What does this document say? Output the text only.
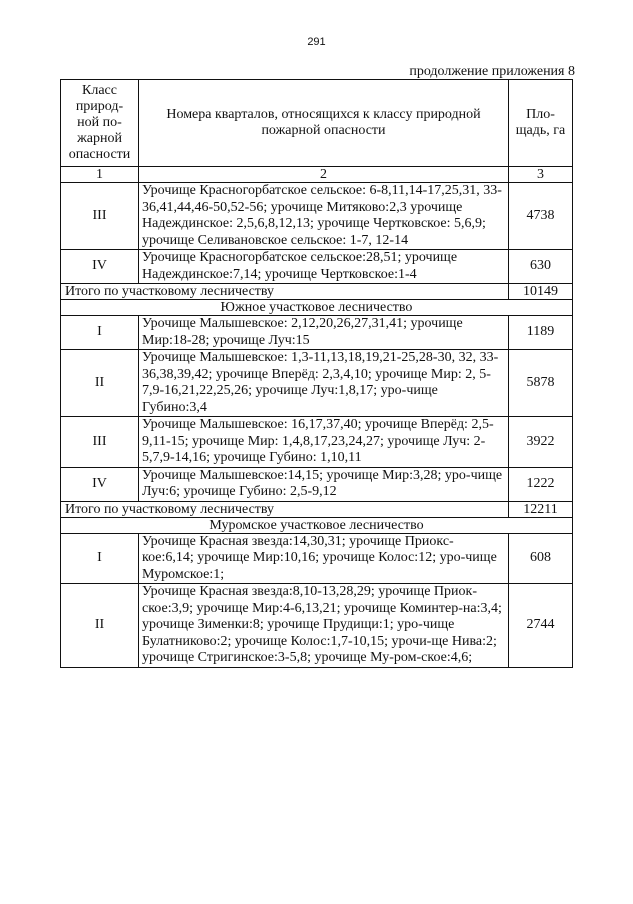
291
продолжение приложения 8
Класс природ-ной по-жарной опасности	Номера кварталов, относящихся к классу природной пожарной опасности	Пло-щадь, га
1	2	3
III	Урочище Красногорбатское сельское: 6-8,11,14-17,25,31, 33-36,41,44,46-50,52-56; урочище Митяково:2,3 урочище Надеждинское: 2,5,6,8,12,13; урочище Чертковское: 5,6,9; урочище Селивановское сельское: 1-7, 12-14	4738
IV	Урочище Красногорбатское сельское:28,51; урочище Надеждинское:7,14; урочище Чертковское:1-4	630
Итого по участковому лесничеству		10149
Южное участковое лесничество		
I	Урочище Малышевское: 2,12,20,26,27,31,41; урочище Мир:18-28; урочище Луч:15	1189
II	Урочище Малышевское: 1,3-11,13,18,19,21-25,28-30, 32, 33-36,38,39,42; урочище Вперёд: 2,3,4,10; урочище Мир: 2, 5-7,9-16,21,22,25,26; урочище Луч:1,8,17; уро-чище Губино:3,4	5878
III	Урочище Малышевское: 16,17,37,40; урочище Вперёд: 2,5-9,11-15; урочище Мир: 1,4,8,17,23,24,27; урочище Луч: 2-5,7,9-14,16; урочище Губино: 1,10,11	3922
IV	Урочище Малышевское:14,15; урочище Мир:3,28; уро-чище Луч:6; урочище Губино: 2,5-9,12	1222
Итого по участковому лесничеству		12211
Муромское участковое лесничество		
I	Урочище Красная звезда:14,30,31; урочище Приокс-кое:6,14; урочище Мир:10,16; урочище Колос:12; уро-чище Муромское:1;	608
II	Урочище Красная звезда:8,10-13,28,29; урочище Приок-ское:3,9; урочище Мир:4-6,13,21; урочище Коминтер-на:3,4; урочище Зименки:8; урочище Прудищи:1; уро-чище Булатниково:2; урочище Колос:1,7-10,15; урочи-ще Нива:2; урочище Стригинское:3-5,8; урочище Му-ром-ское:4,6;	2744
